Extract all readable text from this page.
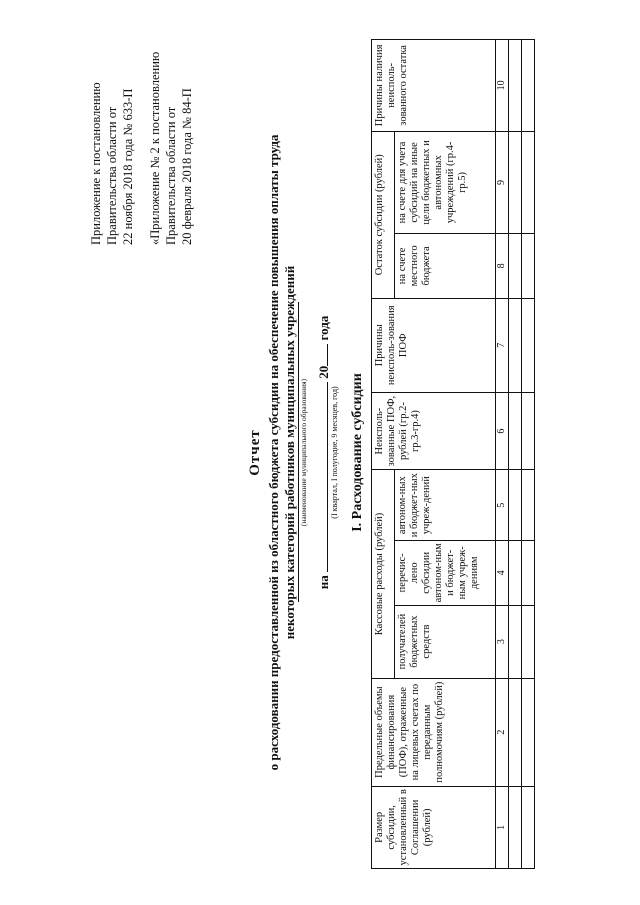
Приложение к постановлению Правительства области от 22 ноября 2018 года № 633-П «Приложение № 2 к постановлению Правительства области от 20 февраля 2018 года № 84-П
Отчет о расходовании предоставленной из областного бюджета субсидии на обеспечение повышения оплаты труда некоторых категорий работников муниципальных учреждений (наименование муниципального образования)
на  20 года
(I квартал, I полугодие, 9 месяцев, год) I. Расходование субсидии
Размер субсидии, установленный в Соглашении (рублей)	Предельные объемы финансирования (ПОФ), отраженные на лицевых счетах по переданным полномочиям (рублей)	Кассовые расходы (рублей)			Неисполь-зованные ПОФ, рублей (гр.2-гр.3-гр.4)	Причины неисполь-зования ПОФ	Остаток субсидии (рублей)		Причины наличия неисполь-зованного остатка
		получателей бюджетных средств	перечис-лено субсидии автоном-ным и бюджет-ным учреж-дениям	автоном-ных и бюджет-ных учреж-дений			на счете местного бюджета	на счете для учета субсидий на иные цели бюджетных и автономных учреждений (гр.4-гр.5)	
1	2	3	4	5	6	7	8	9	10
